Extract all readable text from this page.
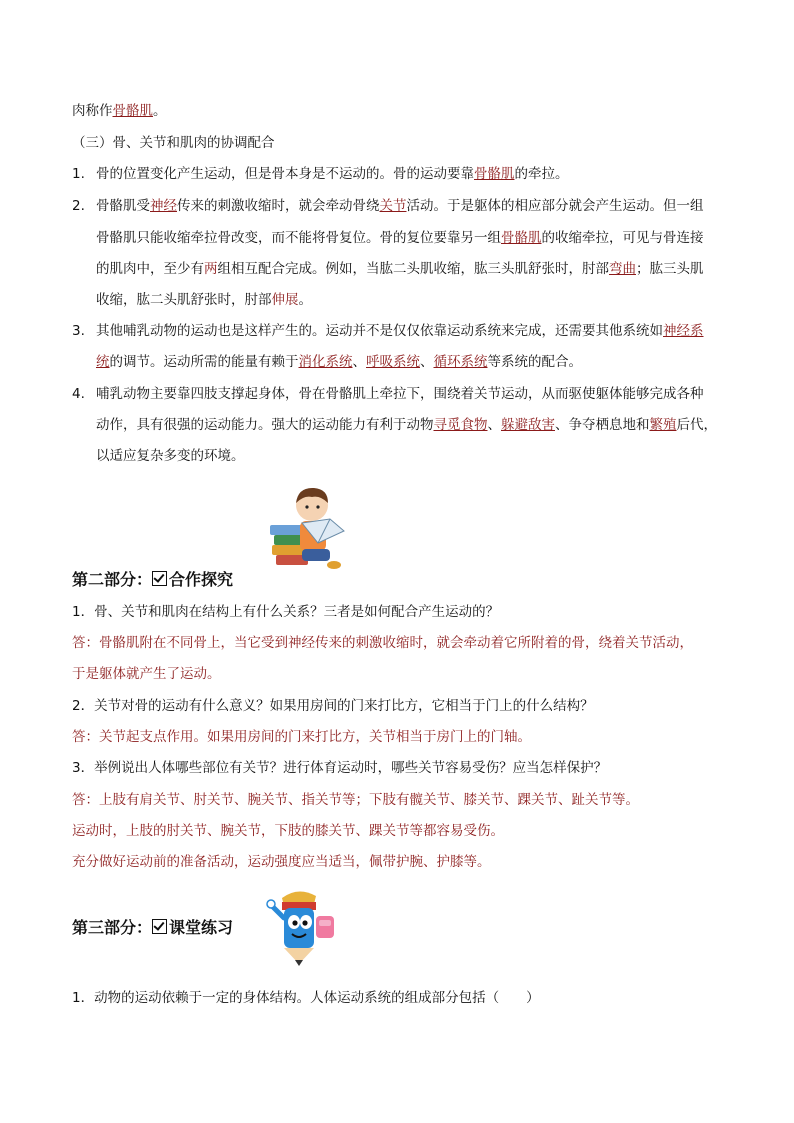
肉称作骨骼肌。
（三）骨、关节和肌肉的协调配合
1. 骨的位置变化产生运动，但是骨本身是不运动的。骨的运动要靠骨骼肌的牵拉。
2. 骨骼肌受神经传来的刺激收缩时，就会牵动骨绕关节活动。于是躯体的相应部分就会产生运动。但一组
骨骼肌只能收缩牵拉骨改变，而不能将骨复位。骨的复位要靠另一组骨骼肌的收缩牵拉，可见与骨连接
的肌肉中，至少有两组相互配合完成。例如，当肱二头肌收缩，肱三头肌舒张时，肘部弯曲；肱三头肌
收缩，肱二头肌舒张时，肘部伸展。
3. 其他哺乳动物的运动也是这样产生的。运动并不是仅仅依靠运动系统来完成，还需要其他系统如神经系
统的调节。运动所需的能量有赖于消化系统、呼吸系统、循环系统等系统的配合。
4. 哺乳动物主要靠四肢支撑起身体，骨在骨骼肌上牵拉下，围绕着关节运动，从而驱使躯体能够完成各种
动作，具有很强的运动能力。强大的运动能力有利于动物寻觅食物、躲避敌害、争夺栖息地和繁殖后代，
以适应复杂多变的环境。
第二部分： 合作探究
1．骨、关节和肌肉在结构上有什么关系？三者是如何配合产生运动的？
答：骨骼肌附在不同骨上，当它受到神经传来的刺激收缩时，就会牵动着它所附着的骨，绕着关节活动，
于是躯体就产生了运动。
2．关节对骨的运动有什么意义？如果用房间的门来打比方，它相当于门上的什么结构？
答：关节起支点作用。如果用房间的门来打比方，关节相当于房门上的门轴。
3．举例说出人体哪些部位有关节？进行体育运动时，哪些关节容易受伤？应当怎样保护？
答：上肢有肩关节、肘关节、腕关节、指关节等；下肢有髋关节、膝关节、踝关节、趾关节等。
运动时，上肢的肘关节、腕关节，下肢的膝关节、踝关节等都容易受伤。
充分做好运动前的准备活动，运动强度应当适当，佩带护腕、护膝等。
第三部分： 课堂练习
1．动物的运动依赖于一定的身体结构。人体运动系统的组成部分包括（　　）
